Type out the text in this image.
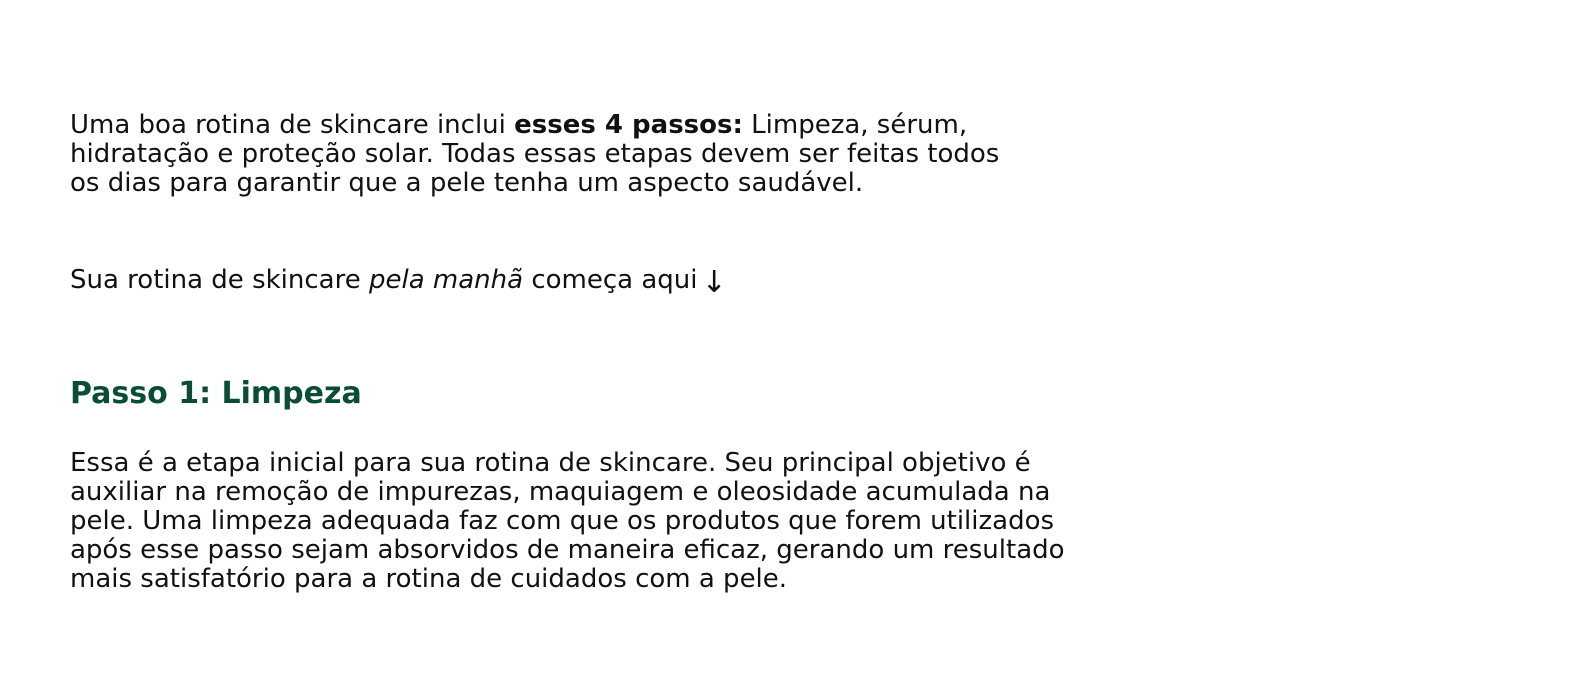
Uma boa rotina de skincare inclui esses 4 passos: Limpeza, sérum, hidratação e proteção solar. Todas essas etapas devem ser feitas todos os dias para garantir que a pele tenha um aspecto saudável.

Sua rotina de skincare pela manhã começa aqui ↓

Passo 1: Limpeza

Essa é a etapa inicial para sua rotina de skincare. Seu principal objetivo é auxiliar na remoção de impurezas, maquiagem e oleosidade acumulada na pele. Uma limpeza adequada faz com que os produtos que forem utilizados após esse passo sejam absorvidos de maneira eficaz, gerando um resultado mais satisfatório para a rotina de cuidados com a pele.
